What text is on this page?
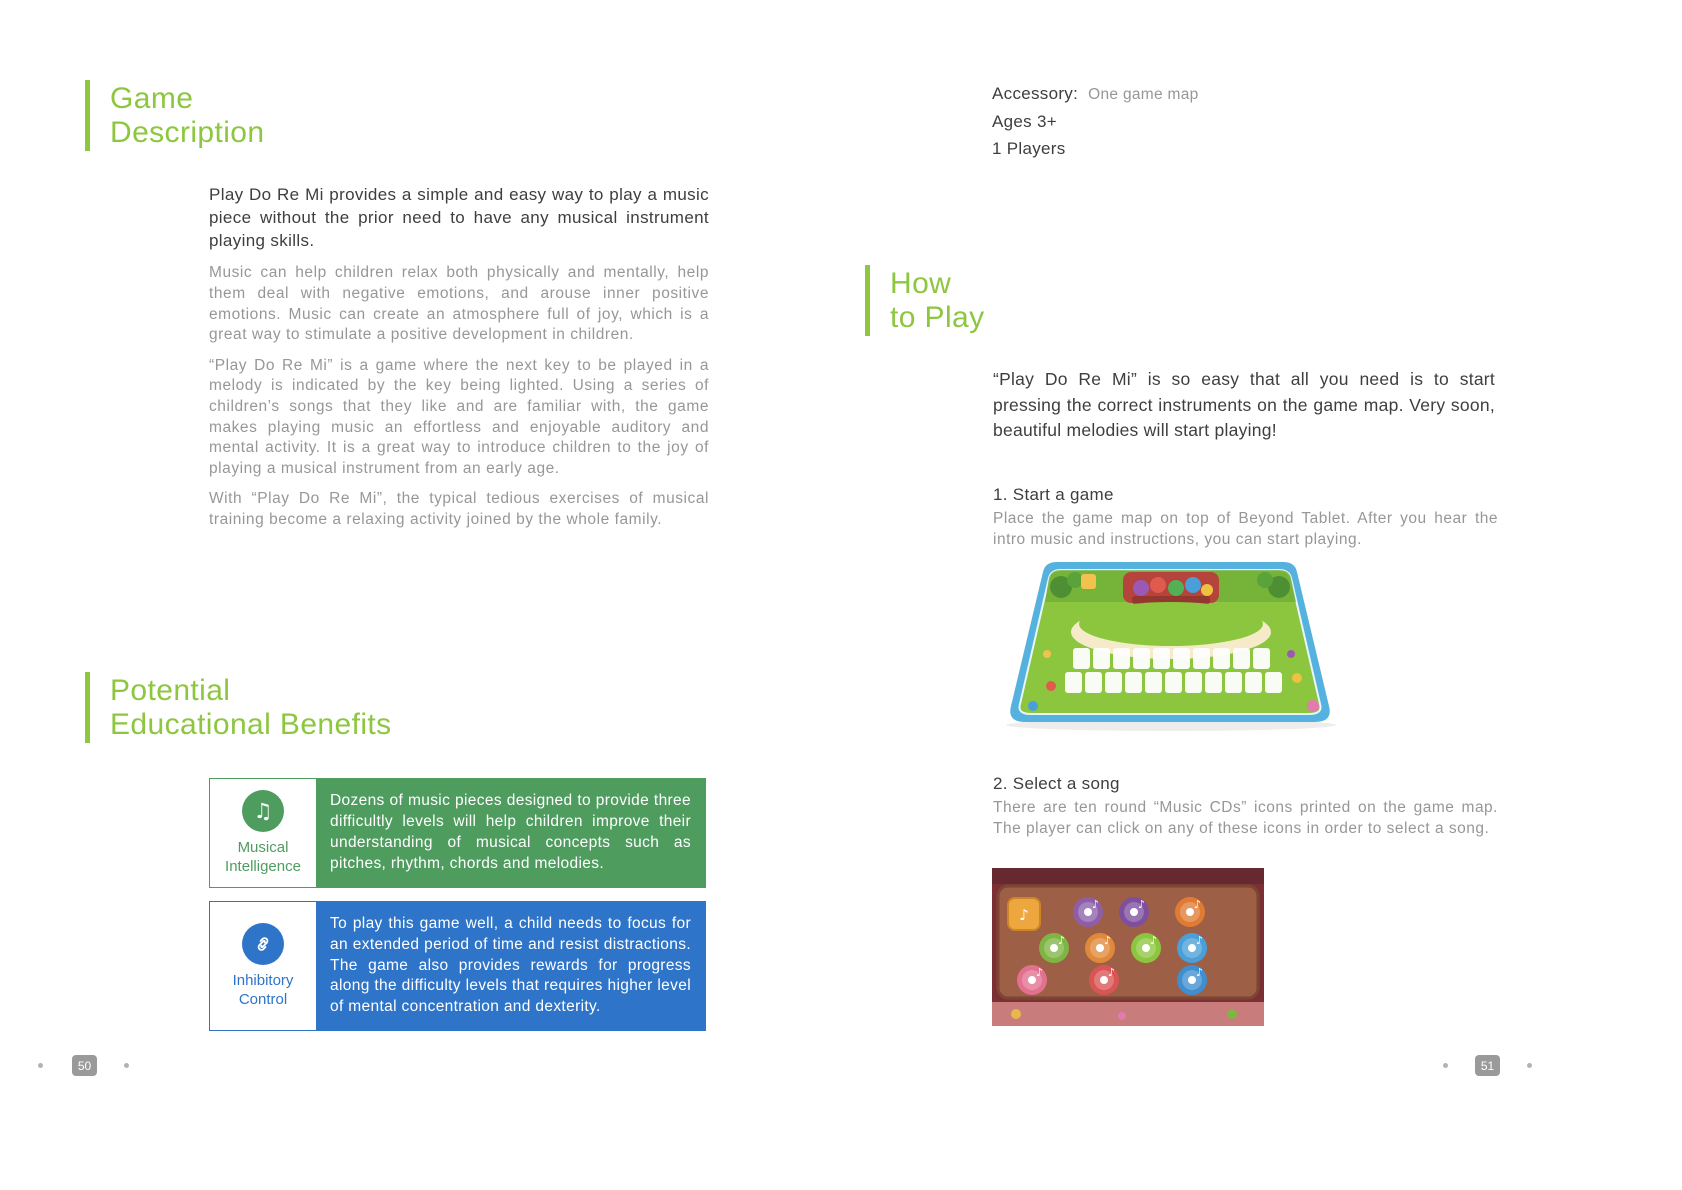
Game
Description

Play Do Re Mi provides a simple and easy way to play a music piece without the prior need to have any musical instrument playing skills.

Music can help children relax both physically and mentally, help them deal with negative emotions, and arouse inner positive emotions. Music can create an atmosphere full of joy, which is a great way to stimulate a positive development in children.

“Play Do Re Mi” is a game where the next key to be played in a melody is indicated by the key being lighted. Using a series of children’s songs that they like and are familiar with, the game makes playing music an effortless and enjoyable auditory and mental activity. It is a great way to introduce children to the joy of playing a musical instrument from an early age.

With “Play Do Re Mi”, the typical tedious exercises of musical training become a relaxing activity joined by the whole family.

Potential
Educational Benefits
♫
Musical
Intelligence
Dozens of music pieces designed to provide three difficultly levels will help children improve their understanding of musical concepts such as pitches, rhythm, chords and melodies.
Inhibitory
Control
To play this game well, a child needs to focus for an extended period of time and resist distractions. The game also provides rewards for progress along the difficulty levels that requires higher level of mental concentration and dexterity.
50
Accessory: One game map
Ages 3+
1 Players
How
to Play

“Play Do Re Mi” is so easy that all you need is to start pressing the correct instruments on the game map. Very soon, beautiful melodies will start playing!

1. Start a game

Place the game map on top of Beyond Tablet. After you hear the intro music and instructions, you can start playing.

2. Select a song

There are ten round “Music CDs” icons printed on the game map. The player can click on any of these icons in order to select a song.

♪
♪	♪	♪
♪	♪	♪	♪
♪	♪	♪
51
